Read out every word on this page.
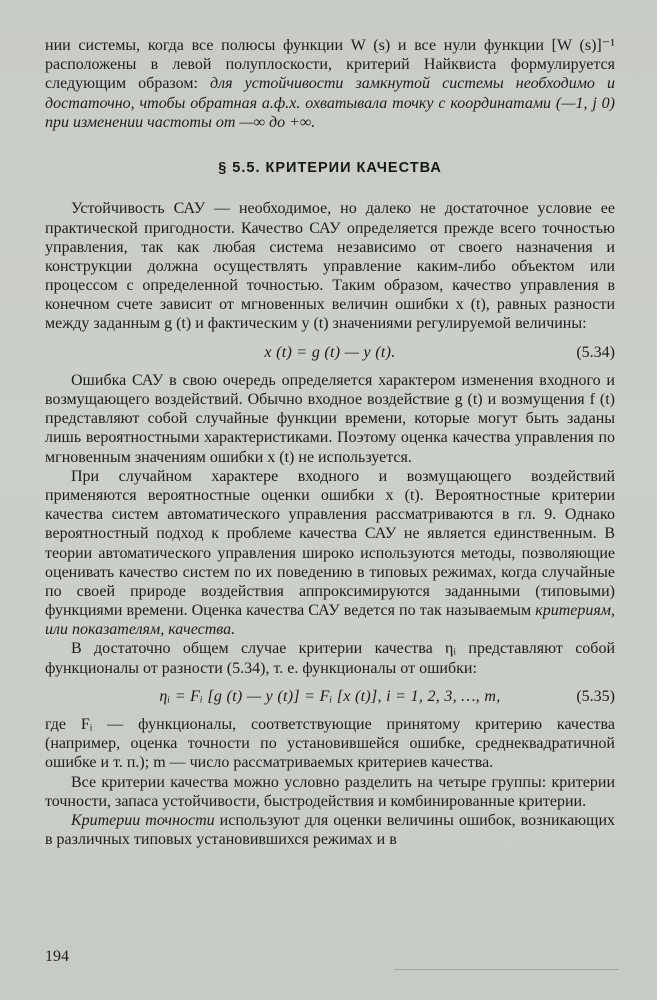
нии системы, когда все полюсы функции W (s) и все нули функции [W (s)]⁻¹ расположены в левой полуплоскости, критерий Найквиста формулируется следующим образом: для устойчивости замкнутой системы необходимо и достаточно, чтобы обратная а.ф.х. охватывала точку с координатами (—1, j 0) при изменении частоты от —∞ до +∞.

§ 5.5. КРИТЕРИИ КАЧЕСТВА

Устойчивость САУ — необходимое, но далеко не достаточное условие ее практической пригодности. Качество САУ определяется прежде всего точностью управления, так как любая система независимо от своего назначения и конструкции должна осуществлять управление каким-либо объектом или процессом с определенной точностью. Таким образом, качество управления в конечном счете зависит от мгновенных величин ошибки x (t), равных разности между заданным g (t) и фактическим y (t) значениями регулируемой величины:

x (t) = g (t) — y (t).	(5.34)

Ошибка САУ в свою очередь определяется характером изменения входного и возмущающего воздействий. Обычно входное воздействие g (t) и возмущения f (t) представляют собой случайные функции времени, которые могут быть заданы лишь вероятностными характеристиками. Поэтому оценка качества управления по мгновенным значениям ошибки x (t) не используется.

При случайном характере входного и возмущающего воздействий применяются вероятностные оценки ошибки x (t). Вероятностные критерии качества систем автоматического управления рассматриваются в гл. 9. Однако вероятностный подход к проблеме качества САУ не является единственным. В теории автоматического управления широко используются методы, позволяющие оценивать качество систем по их поведению в типовых режимах, когда случайные по своей природе воздействия аппроксимируются заданными (типовыми) функциями времени. Оценка качества САУ ведется по так называемым критериям, или показателям, качества.

В достаточно общем случае критерии качества ηᵢ представляют собой функционалы от разности (5.34), т. е. функционалы от ошибки:

ηᵢ = Fᵢ [g (t) — y (t)] = Fᵢ [x (t)], i = 1, 2, 3, …, m,	(5.35)

где Fᵢ — функционалы, соответствующие принятому критерию качества (например, оценка точности по установившейся ошибке, среднеквадратичной ошибке и т. п.); m — число рассматриваемых критериев качества.

Все критерии качества можно условно разделить на четыре группы: критерии точности, запаса устойчивости, быстродействия и комбинированные критерии.

Критерии точности используют для оценки величины ошибок, возникающих в различных типовых установившихся режимах и в

194
